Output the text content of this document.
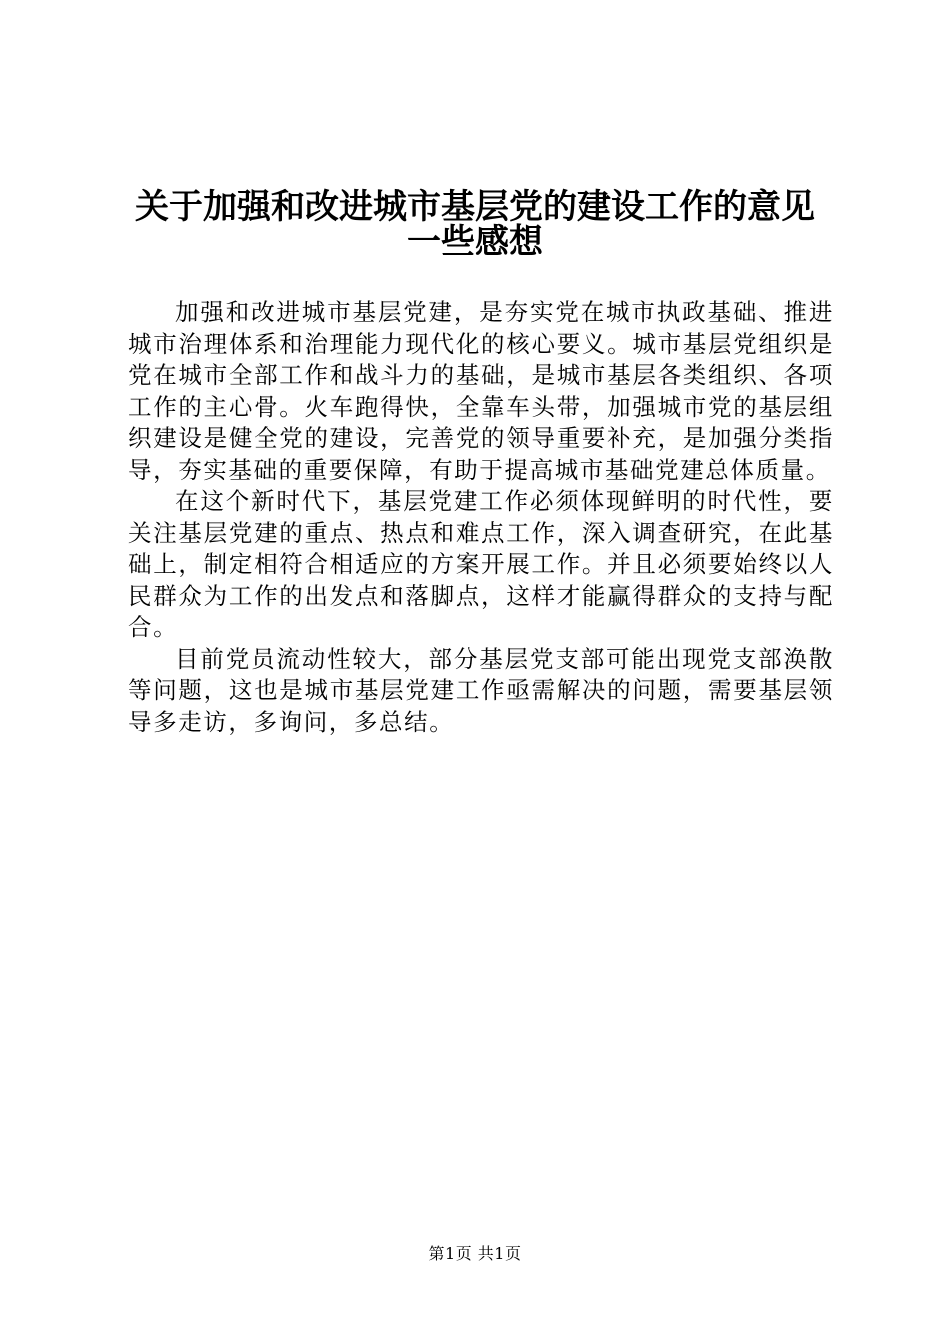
关于加强和改进城市基层党的建设工作的意见
一些感想

加强和改进城市基层党建，是夯实党在城市执政基础、推进城市治理体系和治理能力现代化的核心要义。城市基层党组织是党在城市全部工作和战斗力的基础，是城市基层各类组织、各项工作的主心骨。火车跑得快，全靠车头带，加强城市党的基层组织建设是健全党的建设，完善党的领导重要补充，是加强分类指导，夯实基础的重要保障，有助于提高城市基础党建总体质量。

在这个新时代下，基层党建工作必须体现鲜明的时代性，要关注基层党建的重点、热点和难点工作，深入调查研究，在此基础上，制定相符合相适应的方案开展工作。并且必须要始终以人民群众为工作的出发点和落脚点，这样才能赢得群众的支持与配合。

目前党员流动性较大，部分基层党支部可能出现党支部涣散等问题，这也是城市基层党建工作亟需解决的问题，需要基层领导多走访，多询问，多总结。

第1页 共1页
